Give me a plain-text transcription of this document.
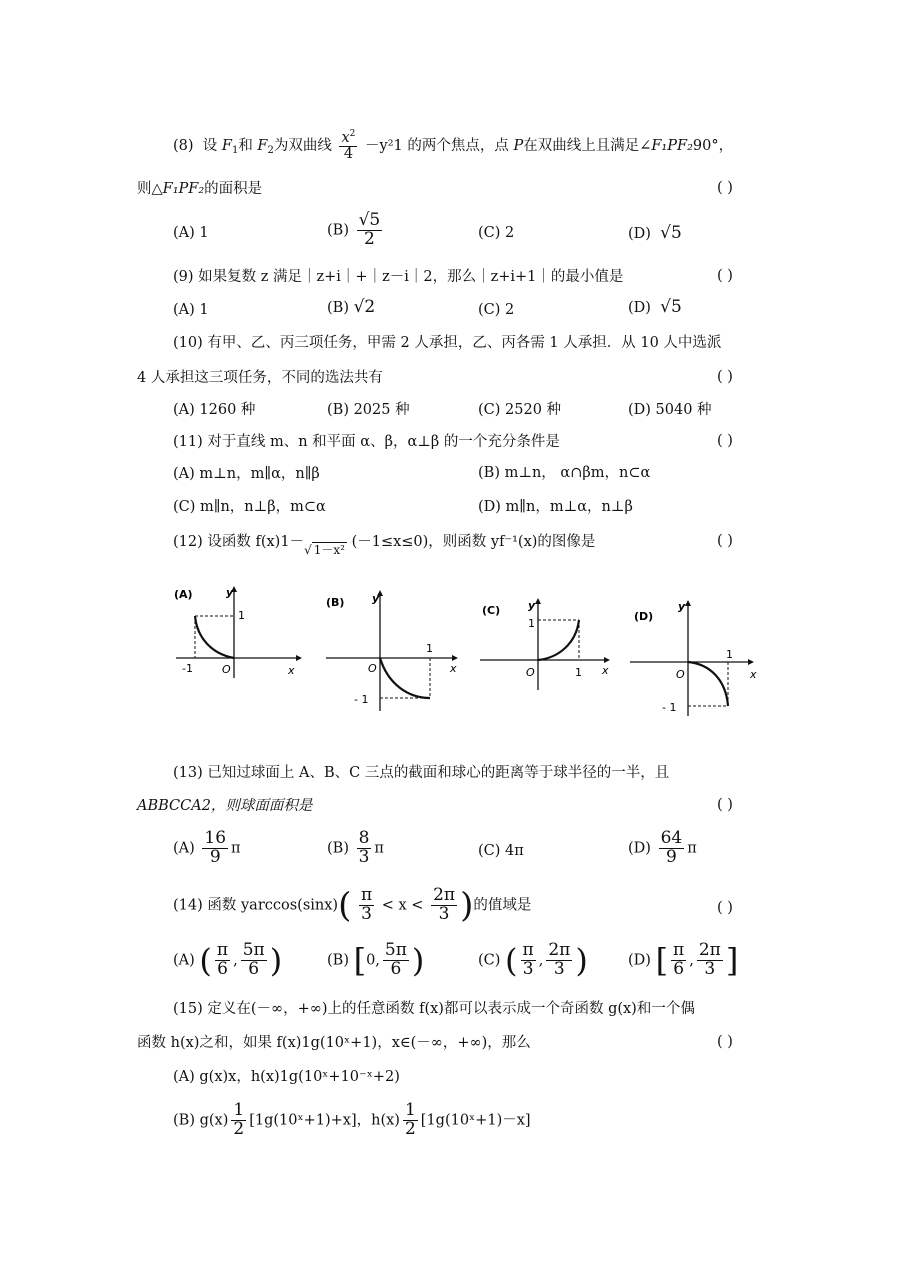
(8) 设 $F_1$和 $F_2$为双曲线 $\frac{x^2}{4} -y^21$ 的两个焦点，点 P在双曲线上且满足∠F₁PF₂90°，
则△F₁PF₂的面积是	( )
(A) 1	$(B) \frac{√5}{2}$	(C) 2	(D) √5
(9) 如果复数 z 满足｜z+i｜+｜z－i｜2，那么｜z+i+1｜的最小值是	( )
(A) 1	(B) √2	(C) 2	(D) √5
(10) 有甲、乙、丙三项任务，甲需 2 人承担，乙、丙各需 1 人承担．从 10 人中选派
4 人承担这三项任务，不同的选法共有	( )
(A) 1260 种	(B) 2025 种	(C) 2520 种	(D) 5040 种
(11) 对于直线 m、n 和平面 α、β，α⊥β 的一个充分条件是	( )
(A) m⊥n，m∥α，n∥β	(B) m⊥n， α∩βm，n⊂α
(C) m∥n，n⊥β，m⊂α	(D) m∥n，m⊥α，n⊥β
(12) 设函数 $f(x)1-_{√ 1-x^2}$ (－1≤x≤0)，则函数 yf⁻¹(x)的图像是	( )
(A)	y
1
-1	O	x
(B)	y
1
O
- 1
x
(C)	y
1
O	1 x
(D)
y
1
O
- 1
x
(13) 已知过球面上 A、B、C 三点的截面和球心的距离等于球半径的一半，且
ABBCCA2，则球面面积是	( )
$(A) \frac{16}{9}$ π	$(B) \frac{8}{3}$ π	(C) 4π	$(D) \frac{64}{9}$ π
(14) 函数 $yarccos(\sin x)( \frac{\pi}{3} < x < \frac{2\pi}{3}$ )的值域是	( )
(A) ( $\frac{\pi}{6}$ , $\frac{5\pi}{6}$ )	(B) [0, $\frac{5\pi}{6}$ )	(C) ( $\frac{\pi}{3}$ , $\frac{2\pi}{3}$ )	(D) [ $\frac{\pi}{6}$ , $\frac{2\pi}{3}$ ]
(15) 定义在(－∞，+∞)上的任意函数 f(x)都可以表示成一个奇函数 g(x)和一个偶
函数 h(x)之和，如果 f(x)1g(10ˣ+1)，x∈(－∞，+∞)，那么	( )
(A) g(x)x，h(x)1g(10ˣ+10⁻ˣ+2)
(B) $g(x) \frac{1}{2}$ [1g(10ˣ+1)+x]，$h(x) \frac{1}{2}$ [1g(10ˣ+1)－x]
